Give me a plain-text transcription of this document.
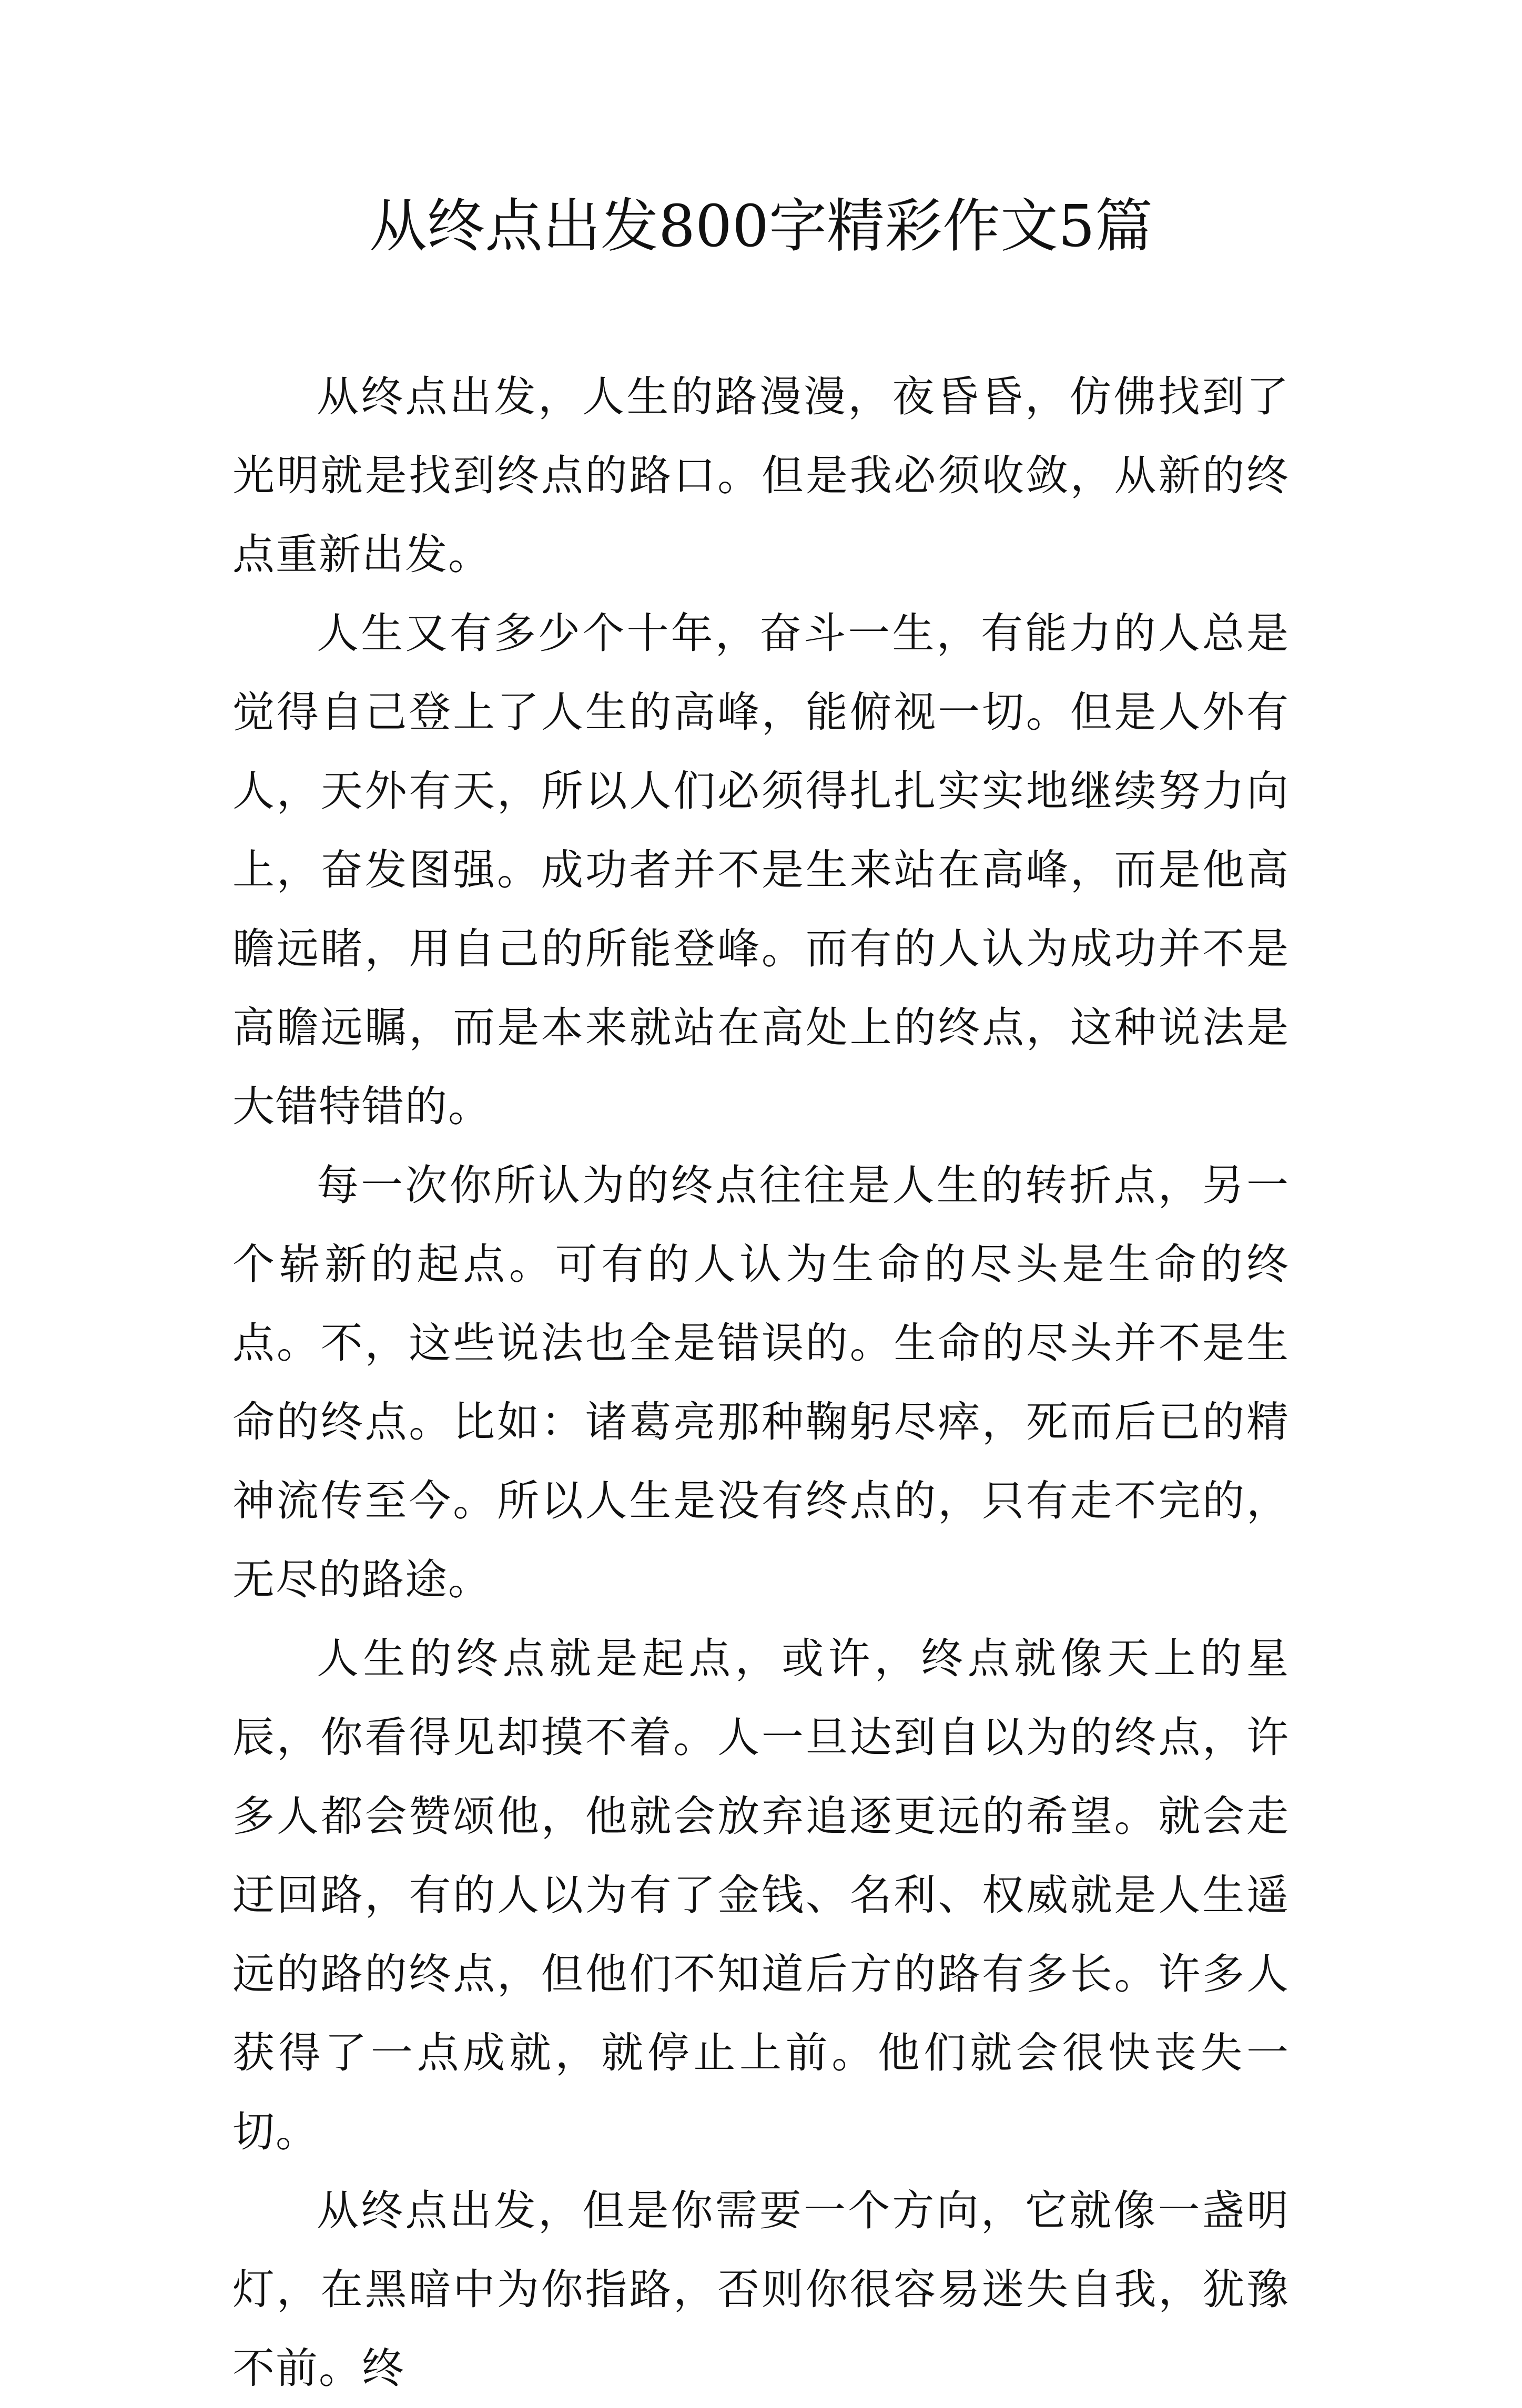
从终点出发800字精彩作文5篇

从终点出发，人生的路漫漫，夜昏昏，仿佛找到了光明就是找到终点的路口。但是我必须收敛，从新的终点重新出发。

人生又有多少个十年，奋斗一生，有能力的人总是觉得自己登上了人生的高峰，能俯视一切。但是人外有人，天外有天，所以人们必须得扎扎实实地继续努力向上，奋发图强。成功者并不是生来站在高峰，而是他高瞻远睹，用自己的所能登峰。而有的人认为成功并不是高瞻远瞩，而是本来就站在高处上的终点，这种说法是大错特错的。

每一次你所认为的终点往往是人生的转折点，另一个崭新的起点。可有的人认为生命的尽头是生命的终点。不，这些说法也全是错误的。生命的尽头并不是生命的终点。比如：诸葛亮那种鞠躬尽瘁，死而后已的精神流传至今。所以人生是没有终点的，只有走不完的，无尽的路途。

人生的终点就是起点，或许，终点就像天上的星辰，你看得见却摸不着。人一旦达到自以为的终点，许多人都会赞颂他，他就会放弃追逐更远的希望。就会走迂回路，有的人以为有了金钱、名利、权威就是人生遥远的路的终点，但他们不知道后方的路有多长。许多人获得了一点成就，就停止上前。他们就会很快丧失一切。

从终点出发，但是你需要一个方向，它就像一盏明灯，在黑暗中为你指路，否则你很容易迷失自我，犹豫不前。终
